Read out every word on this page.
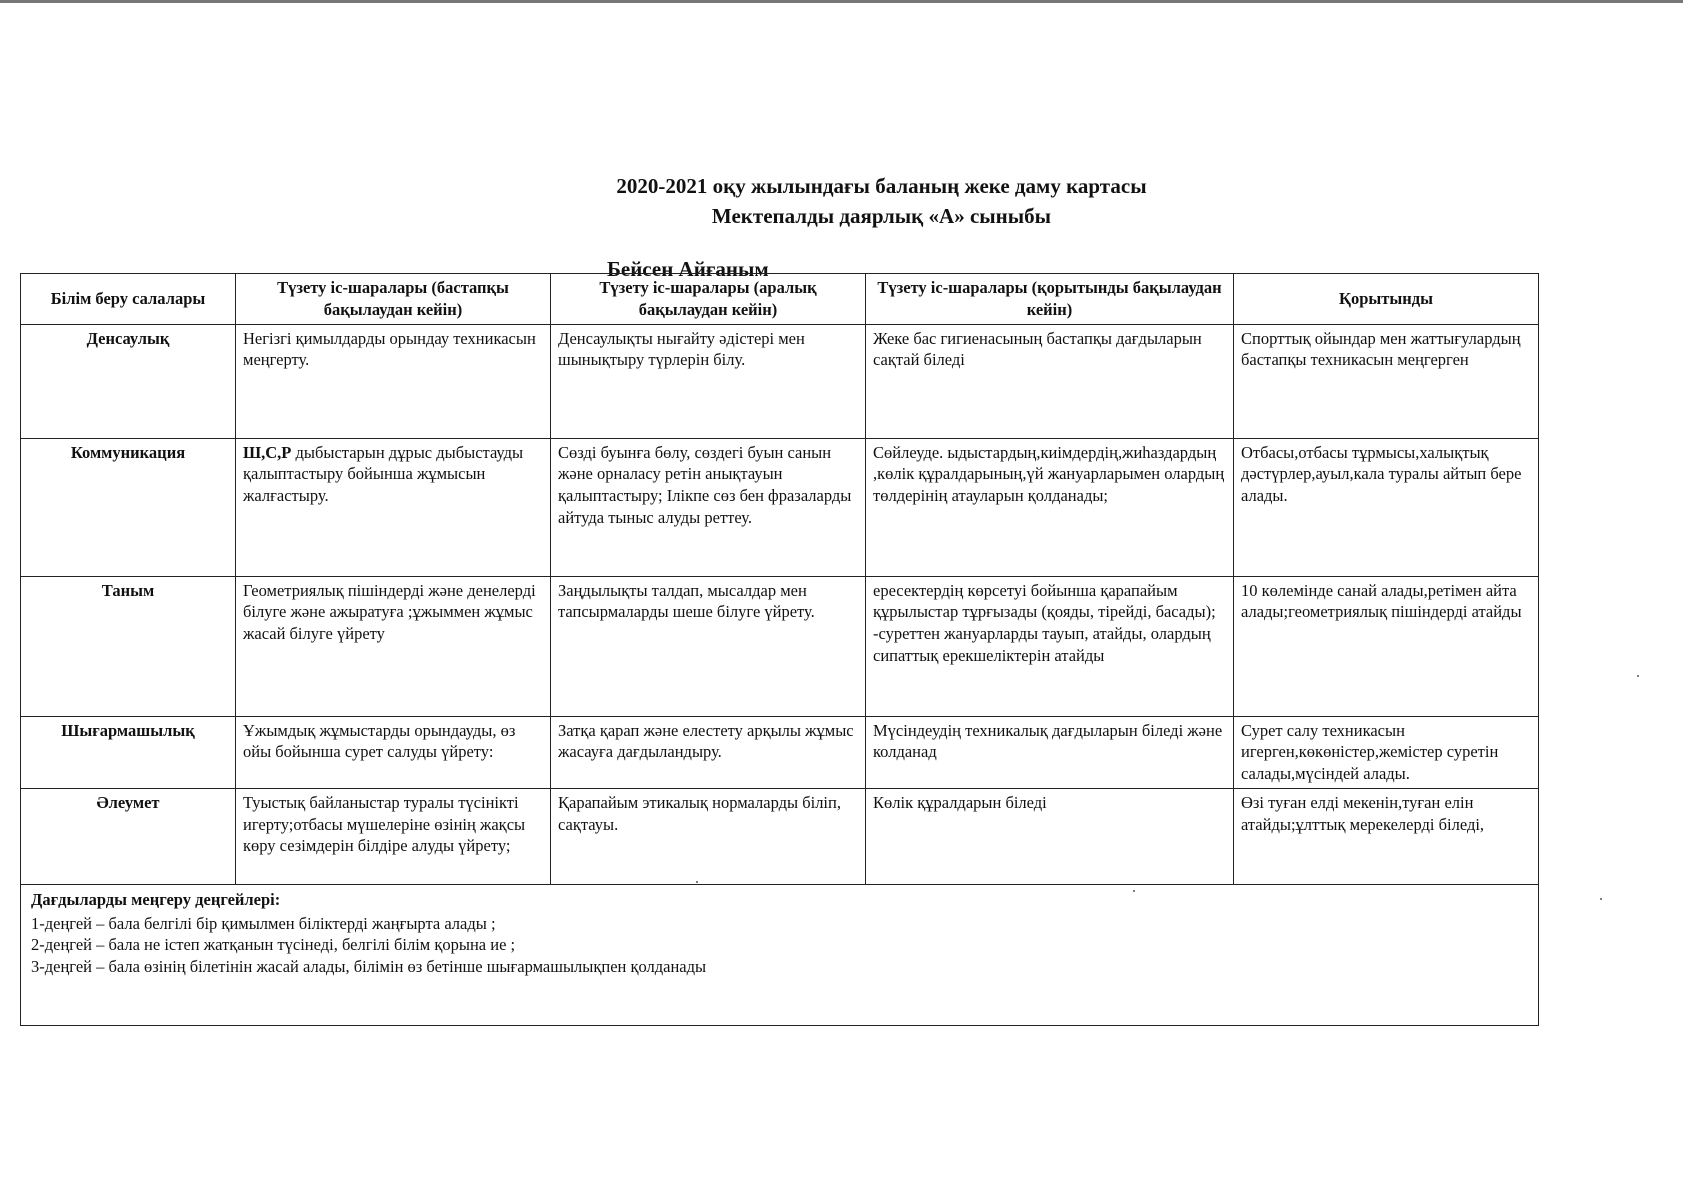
2020-2021 оқу жылындағы баланың жеке даму картасы
Мектепалды даярлық «А» сыныбы
Бейсен Айғаным
Білім беру салалары	Түзету іс-шаралары (бастапқы бақылаудан кейін)	Түзету іс-шаралары (аралық бақылаудан кейін)	Түзету іс-шаралары (қорытынды бақылаудан кейін)	Қорытынды
Денсаулық	Негізгі қимылдарды орындау техникасын меңгерту.	Денсаулықты нығайту әдістері мен шынықтыру түрлерін білу.	Жеке бас гигиенасының бастапқы дағдыларын сақтай біледі	Спорттық ойындар мен жаттығулардың бастапқы техникасын меңгерген
Коммуникация	Ш,С,Р дыбыстарын дұрыс дыбыстауды қалыптастыру бойынша жұмысын жалғастыру.	Сөзді буынға бөлу, сөздегі буын санын және орналасу ретін анықтауын қалыптастыру; Ілікпе сөз бен фразаларды айтуда тыныс алуды реттеу.	Сөйлеуде. ыдыстардың,киімдердің,жиһаздардың ,көлік құралдарының,үй жануарларымен олардың төлдерінің атауларын қолданады;	Отбасы,отбасы тұрмысы,халықтық дәстүрлер,ауыл,кала туралы айтып бере алады.
Таным	Геометриялық пішіндерді және денелерді білуге және ажыратуға ;ұжыммен жұмыс жасай білуге үйрету	Заңдылықты талдап, мысалдар мен тапсырмаларды шеше білуге үйрету.	ересектердің көрсетуі бойынша қарапайым құрылыстар тұрғызады (қояды, тірейді, басады); -суреттен жануарларды тауып, атайды, олардың сипаттық ерекшеліктерін атайды	10 көлемінде санай алады,ретімен айта алады;геометриялық пішіндерді атайды
Шығармашылық	Ұжымдық жұмыстарды орындауды, өз ойы бойынша сурет салуды үйрету:	Затқа қарап және елестету арқылы жұмыс жасауға дағдыландыру.	Мүсіндеудің техникалық дағдыларын біледі және колданад	Сурет салу техникасын игерген,көкөністер,жемістер суретін салады,мүсіндей алады.
Әлеумет	Туыстық байланыстар туралы түсінікті игерту;отбасы мүшелеріне өзінің жақсы көру сезімдерін білдіре алуды үйрету;	Қарапайым этикалық нормаларды біліп, сақтауы.	Көлік құралдарын біледі	Өзі туған елді мекенін,туған елін атайды;ұлттық мерекелерді біледі,

Дағдыларды меңгеру деңгейлері:

1-деңгей – бала белгілі бір қимылмен біліктерді жаңғырта алады ;

2-деңгей – бала не істеп жатқанын түсінеді, белгілі білім қорына ие ;

3-деңгей – бала өзінің білетінін жасай алады, білімін өз бетінше шығармашылықпен қолданады				
